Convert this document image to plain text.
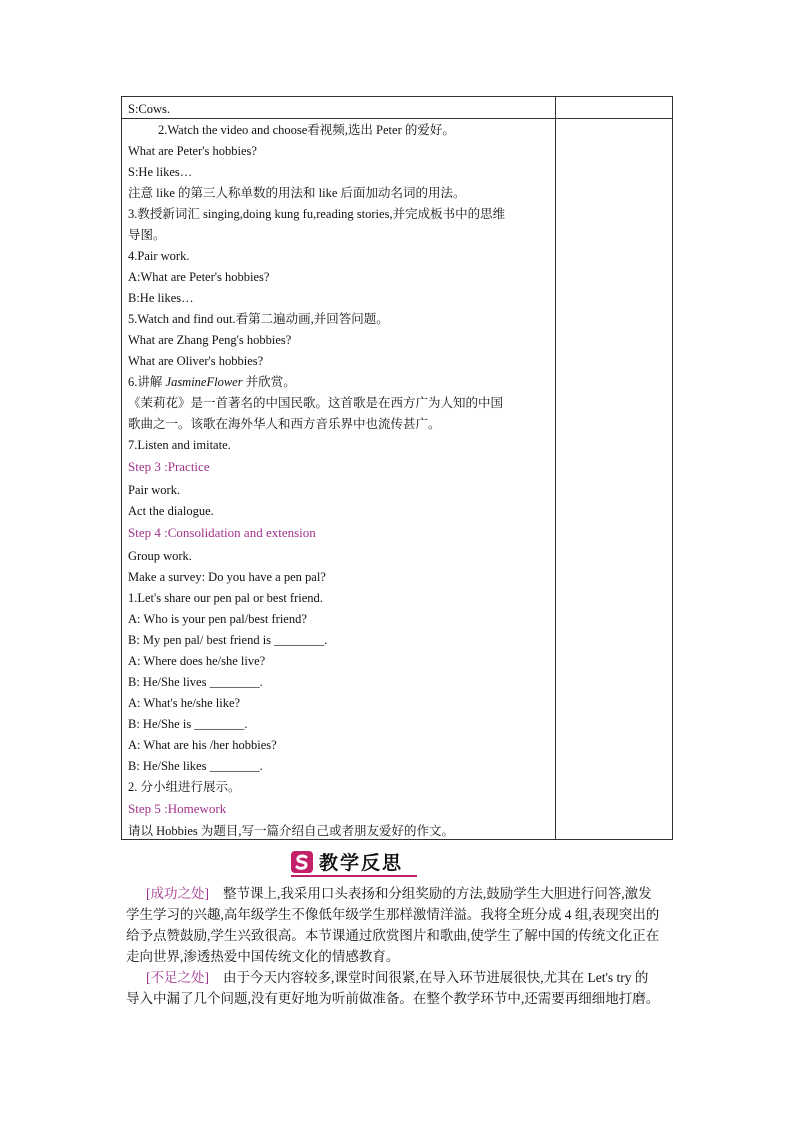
S:Cows.
2.Watch the video and choose看视频,选出 Peter 的爱好。
What are Peter's hobbies?
S:He likes…
注意 like 的第三人称单数的用法和 like 后面加动名词的用法。
3.教授新词汇 singing,doing kung fu,reading stories,并完成板书中的思维
导图。
4.Pair work.
A:What are Peter's hobbies?
B:He likes…
5.Watch and find out.看第二遍动画,并回答问题。
What are Zhang Peng's hobbies?
What are Oliver's hobbies?
6.讲解 JasmineFlower 并欣赏。
《茉莉花》是一首著名的中国民歌。这首歌是在西方广为人知的中国
歌曲之一。该歌在海外华人和西方音乐界中也流传甚广。
7.Listen and imitate.
Step 3 :Practice
Pair work.
Act the dialogue.
Step 4 :Consolidation and extension
Group work.
Make a survey: Do you have a pen pal?
1.Let's share our pen pal or best friend.
A: Who is your pen pal/best friend?
B: My pen pal/ best friend is ________.
A: Where does he/she live?
B: He/She lives ________.
A: What's he/she like?
B: He/She is ________.
A: What are his /her hobbies?
B: He/She likes ________.
2. 分小组进行展示。
Step 5 :Homework
请以 Hobbies 为题目,写一篇介绍自己或者朋友爱好的作文。
教学反思
[成功之处] 整节课上,我采用口头表扬和分组奖励的方法,鼓励学生大胆进行问答,激发
学生学习的兴趣,高年级学生不像低年级学生那样激情洋溢。我将全班分成 4 组,表现突出的
给予点赞鼓励,学生兴致很高。本节课通过欣赏图片和歌曲,使学生了解中国的传统文化正在
走向世界,渗透热爱中国传统文化的情感教育。
[不足之处] 由于今天内容较多,课堂时间很紧,在导入环节进展很快,尤其在 Let's try 的
导入中漏了几个问题,没有更好地为听前做准备。在整个教学环节中,还需要再细细地打磨。
